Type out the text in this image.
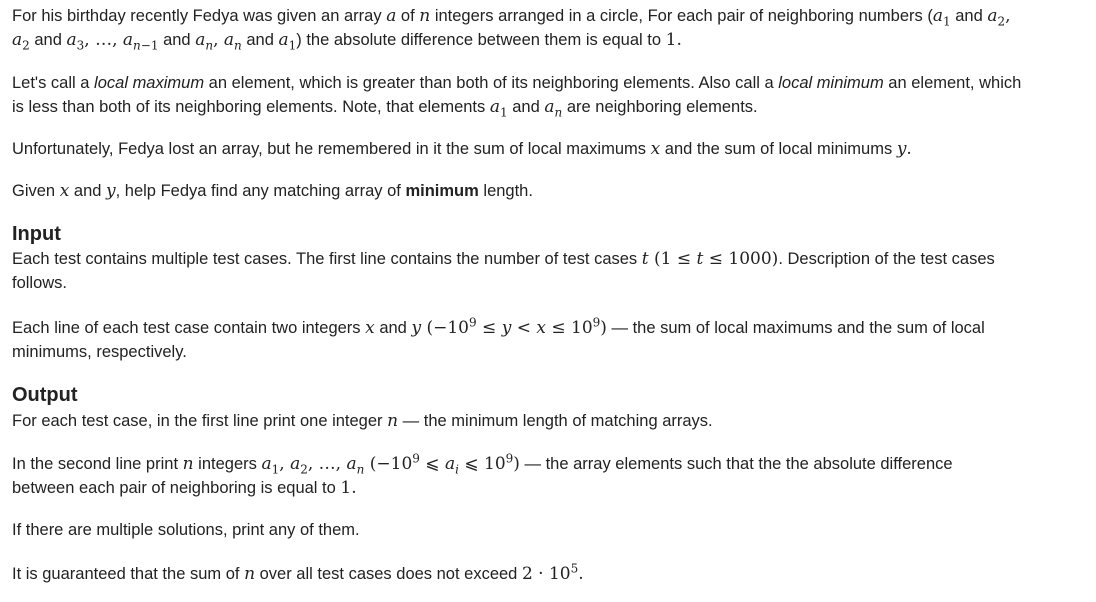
For his birthday recently Fedya was given an array a of n integers arranged in a circle, For each pair of neighboring numbers ($a_1$ and $a_2$,
$a_2$ and $a_3$, …, $a_{n-1}$ and $a_n$, $a_n$ and $a_1$) the absolute difference between them is equal to 1.
Let's call a local maximum an element, which is greater than both of its neighboring elements. Also call a local minimum an element, which
is less than both of its neighboring elements. Note, that elements $a_1$ and $a_n$ are neighboring elements.
Unfortunately, Fedya lost an array, but he remembered in it the sum of local maximums x and the sum of local minimums y.
Given x and y, help Fedya find any matching array of minimum length.
Input
Each test contains multiple test cases. The first line contains the number of test cases t (1 ≤ t ≤ 1000). Description of the test cases
follows.
Each line of each test case contain two integers x and y $(-10^9 \le y < x \le 10^9)$ — the sum of local maximums and the sum of local
minimums, respectively.
Output
For each test case, in the first line print one integer n — the minimum length of matching arrays.
In the second line print n integers $a_1$, $a_2$, …, $a_n$ ($-10^9$ ⩽ $a_i$ ⩽ $10^9$) — the array elements such that the the absolute difference
between each pair of neighboring is equal to 1.
If there are multiple solutions, print any of them.
It is guaranteed that the sum of n over all test cases does not exceed $2 \cdot 10^5$.
